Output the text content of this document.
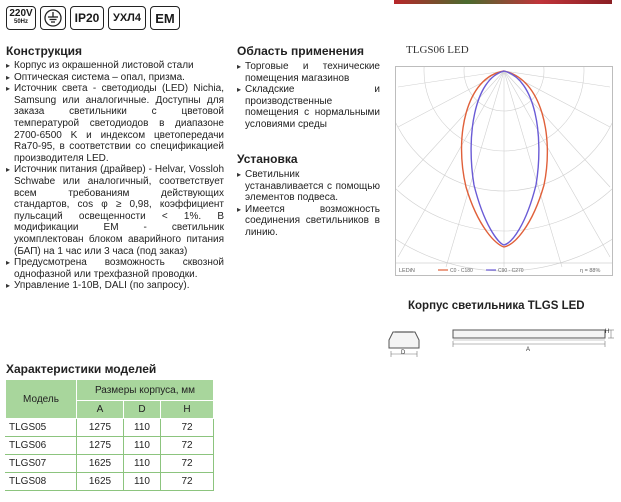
220V
50Hz	IP20	УХЛ4	EM
Конструкция
▸ Корпус из окрашенной листовой стали
▸ Оптическая система – опал, призма.
▸ Источник света - светодиоды (LED) Nichia, Samsung или аналогичные. Доступны для заказа светильники с цветовой температурой светодиодов в диапазоне 2700-6500 K и индексом цветопередачи Ra70-95, в соответствии со спецификацией производителя LED.
▸ Источник питания (драйвер) - Helvar, Vossloh Schwabe или аналогичный, соответствует всем требованиям действующих стандартов, cos φ ≥ 0,98, коэффициент пульсаций освещенности < 1%. В модификации ЕМ - светильник укомплектован блоком аварийного питания (БАП) на 1 час или 3 часа (под заказ)
▸ Предусмотрена возможность сквозной однофазной или трехфазной проводки.
▸ Управление 1-10В, DALI (по запросу).
Область применения
▸ Торговые и технические помещения магазинов
▸ Складские и производственные помещения с нормальными условиями среды
Установка
▸ Светильник устанавливается с помощью элементов подвеса.
▸ Имеется возможность соединения светильников в линию.
TLGS06 LED
LEDiN	C0 - C180	C90 - C270	η = 88%
Корпус светильника TLGS LED
D	A
H
Характеристики моделей
Модель	Размеры корпуса, мм		
	A	D	H
TLGS05	1275	110	72
TLGS06	1275	110	72
TLGS07	1625	110	72
TLGS08	1625	110	72
